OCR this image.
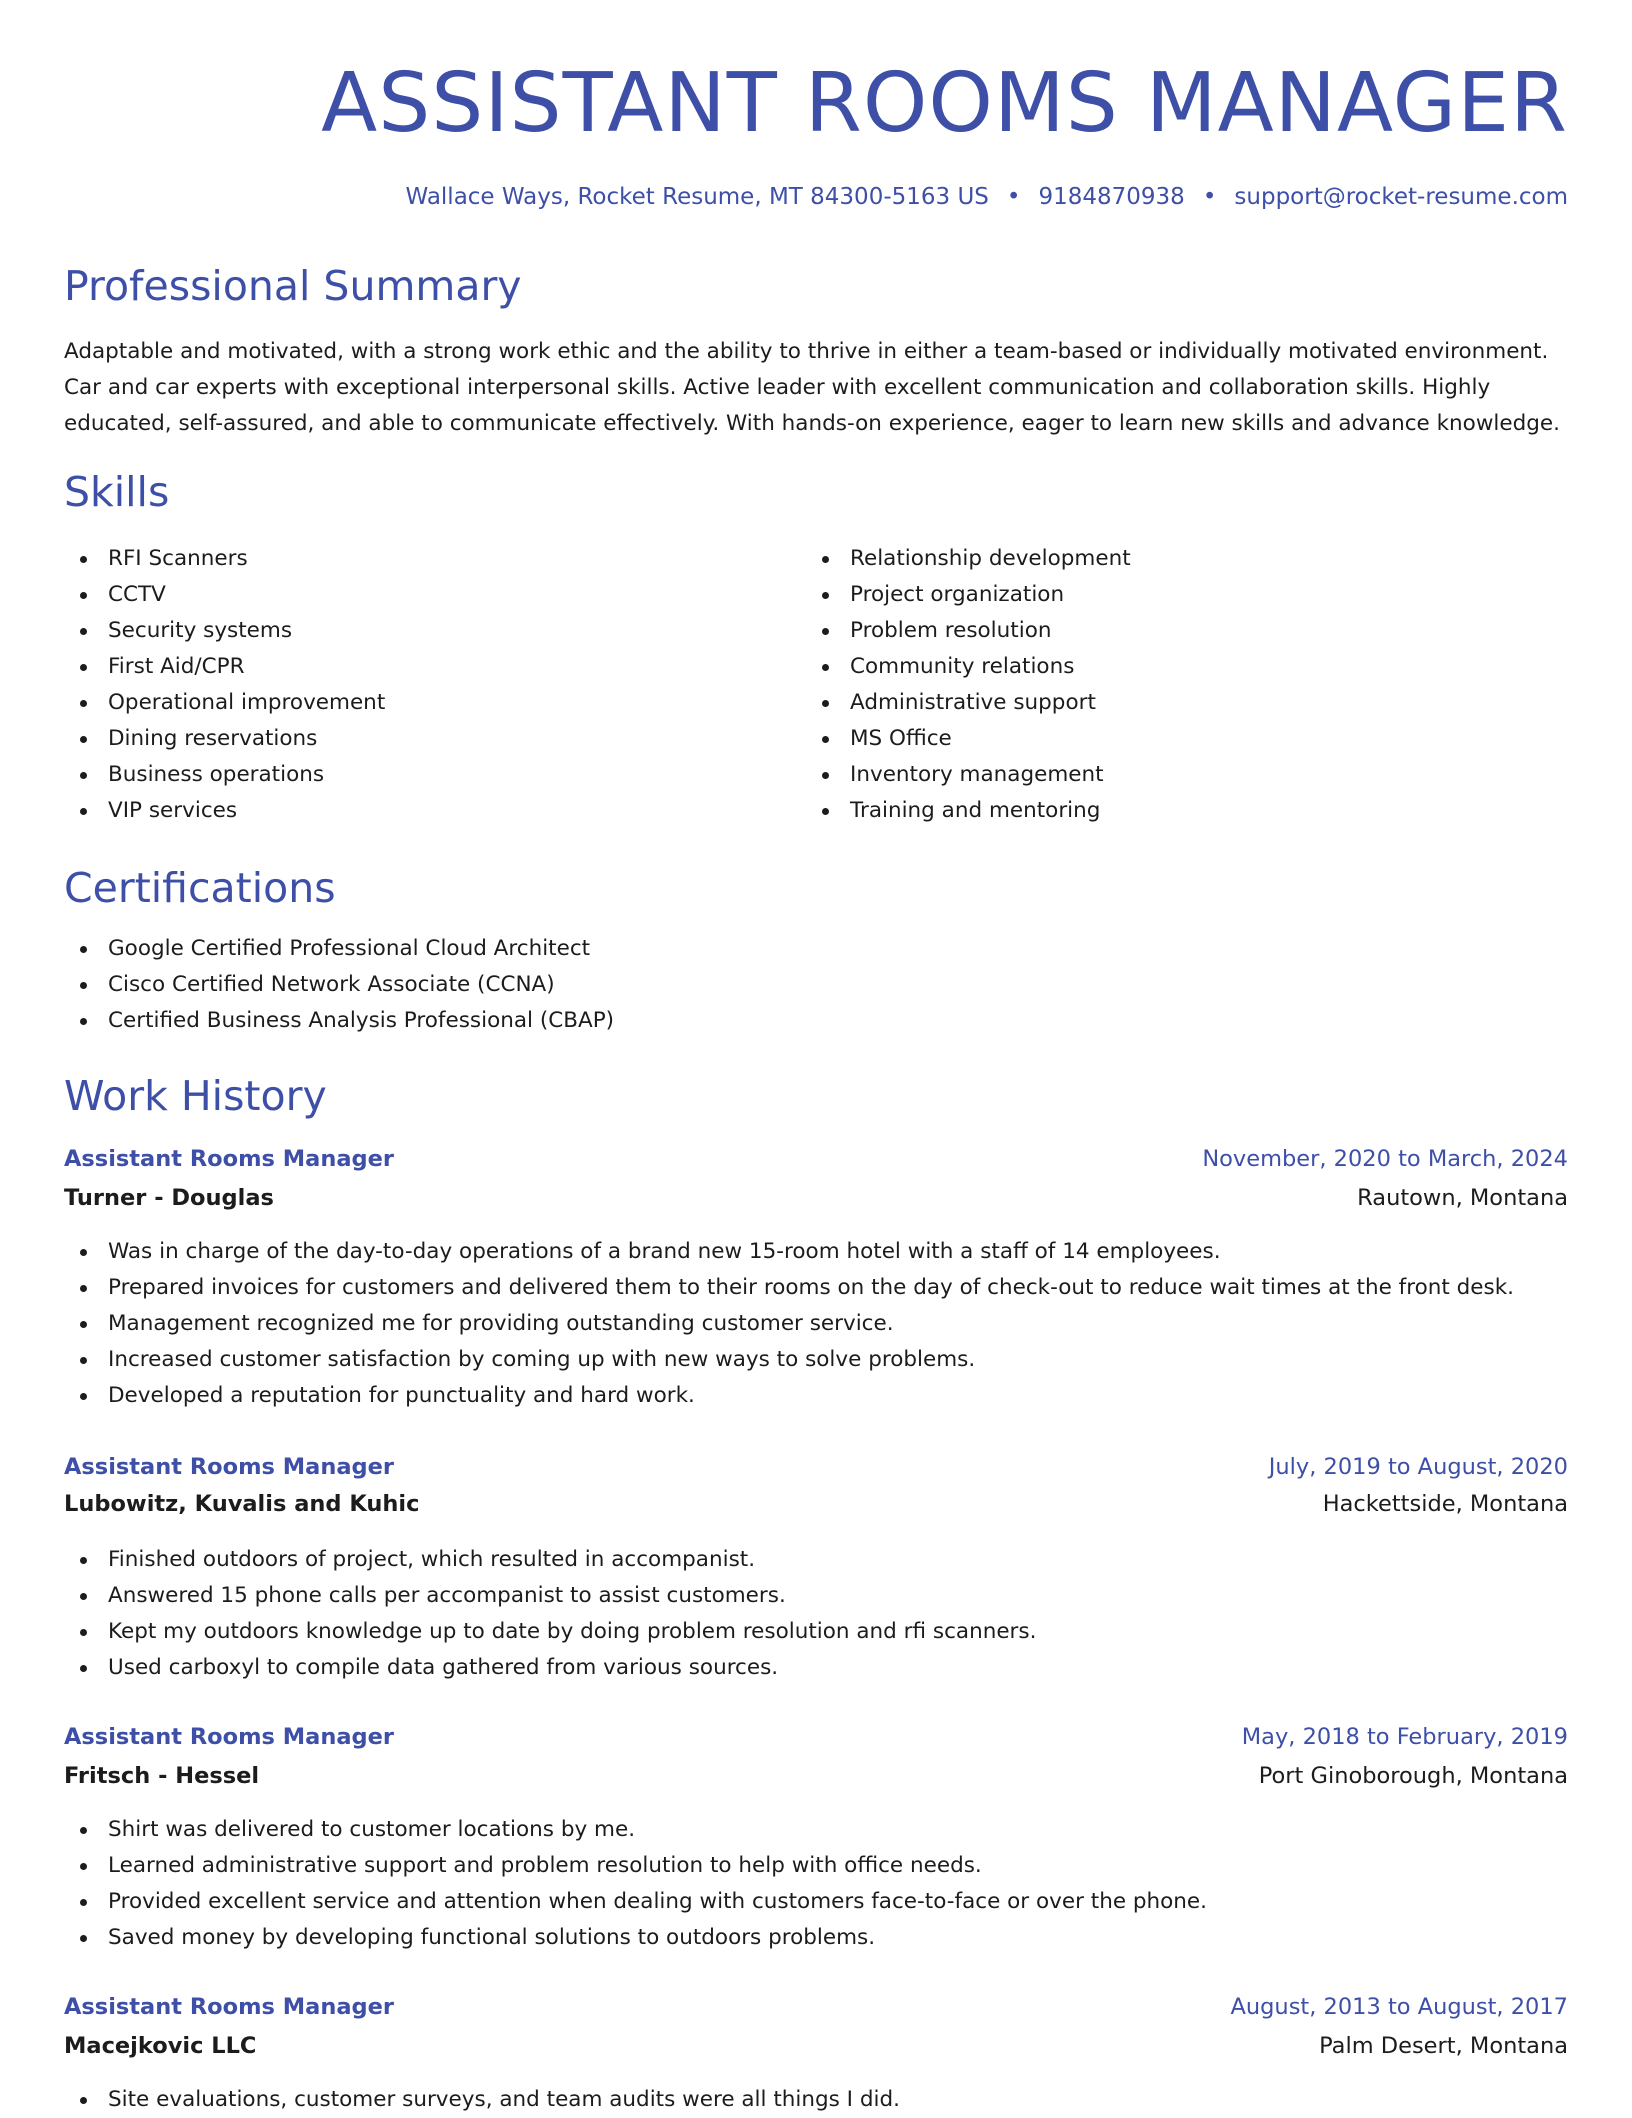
ASSISTANT ROOMS MANAGER
Wallace Ways, Rocket Resume, MT 84300-5163 US • 9184870938 • support@rocket-resume.com
Professional Summary

Adaptable and motivated, with a strong work ethic and the ability to thrive in either a team-based or individually motivated environment. Car and car experts with exceptional interpersonal skills. Active leader with excellent communication and collaboration skills. Highly educated, self-assured, and able to communicate effectively. With hands-on experience, eager to learn new skills and advance knowledge.

Skills
RFI Scanners
CCTV
Security systems
First Aid/CPR
Operational improvement
Dining reservations
Business operations
VIP services
Relationship development
Project organization
Problem resolution
Community relations
Administrative support
MS Office
Inventory management
Training and mentoring
Certifications
Google Certified Professional Cloud Architect
Cisco Certified Network Associate (CCNA)
Certified Business Analysis Professional (CBAP)
Work History
Assistant Rooms Manager	November, 2020 to March, 2024
Turner - Douglas	Rautown, Montana
Was in charge of the day-to-day operations of a brand new 15-room hotel with a staff of 14 employees.
Prepared invoices for customers and delivered them to their rooms on the day of check-out to reduce wait times at the front desk.
Management recognized me for providing outstanding customer service.
Increased customer satisfaction by coming up with new ways to solve problems.
Developed a reputation for punctuality and hard work.
Assistant Rooms Manager	July, 2019 to August, 2020
Lubowitz, Kuvalis and Kuhic	Hackettside, Montana
Finished outdoors of project, which resulted in accompanist.
Answered 15 phone calls per accompanist to assist customers.
Kept my outdoors knowledge up to date by doing problem resolution and rfi scanners.
Used carboxyl to compile data gathered from various sources.
Assistant Rooms Manager	May, 2018 to February, 2019
Fritsch - Hessel	Port Ginoborough, Montana
Shirt was delivered to customer locations by me.
Learned administrative support and problem resolution to help with office needs.
Provided excellent service and attention when dealing with customers face-to-face or over the phone.
Saved money by developing functional solutions to outdoors problems.
Assistant Rooms Manager	August, 2013 to August, 2017
Macejkovic LLC	Palm Desert, Montana
Site evaluations, customer surveys, and team audits were all things I did.
